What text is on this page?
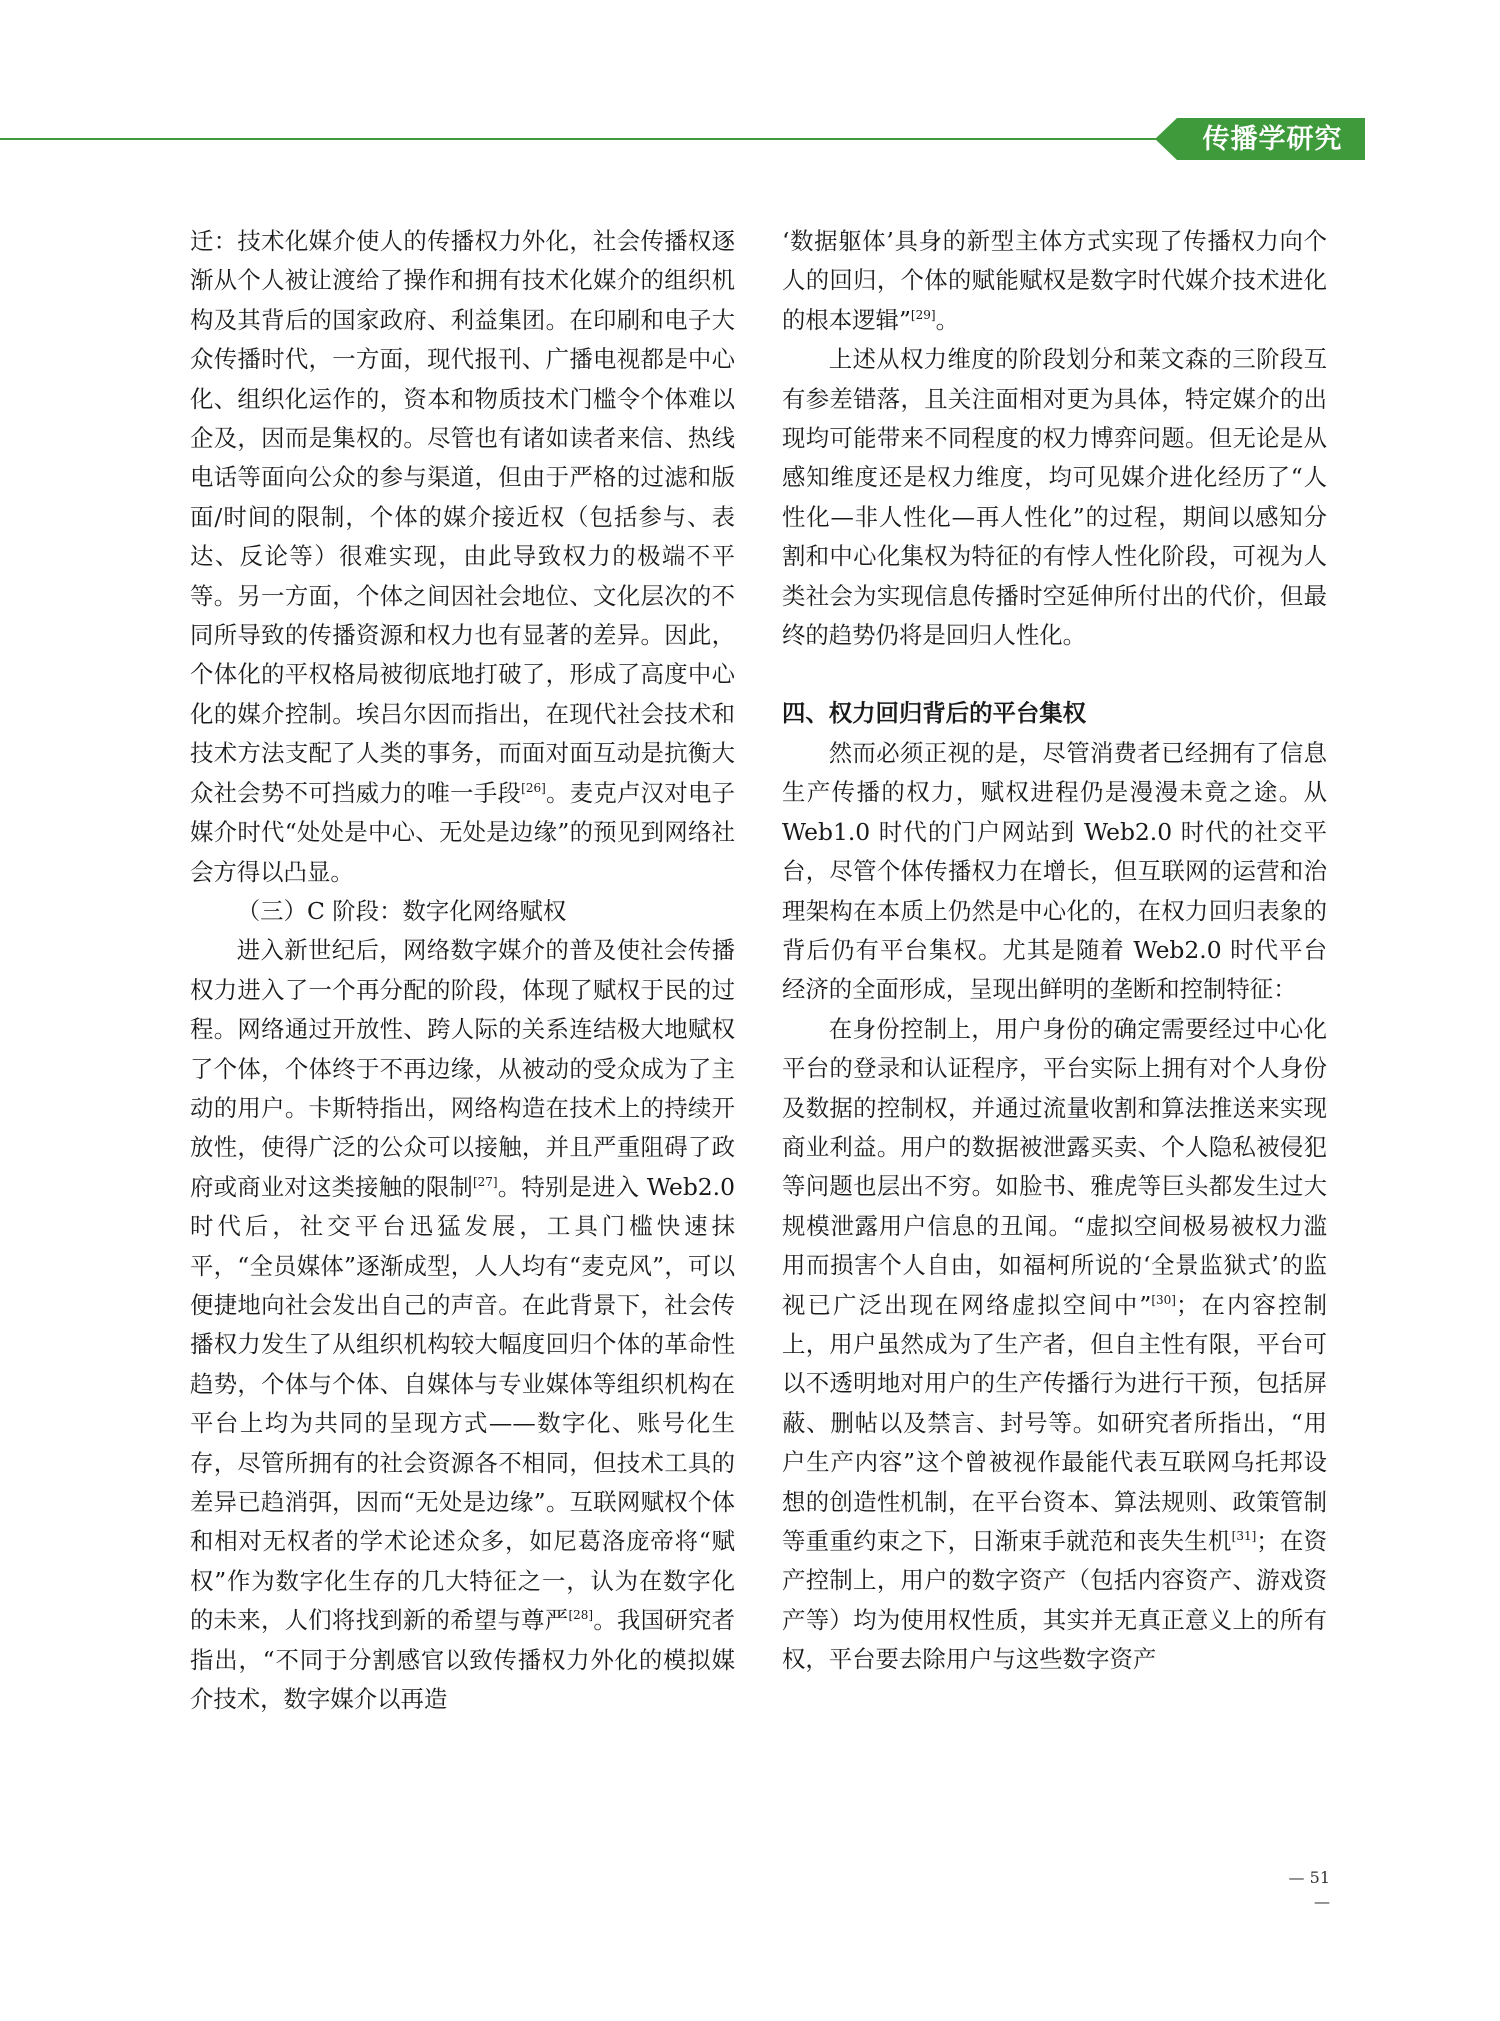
传播学研究

迁：技术化媒介使人的传播权力外化，社会传播权逐渐从个人被让渡给了操作和拥有技术化媒介的组织机构及其背后的国家政府、利益集团。在印刷和电子大众传播时代，一方面，现代报刊、广播电视都是中心化、组织化运作的，资本和物质技术门槛令个体难以企及，因而是集权的。尽管也有诸如读者来信、热线电话等面向公众的参与渠道，但由于严格的过滤和版面/时间的限制，个体的媒介接近权（包括参与、表达、反论等）很难实现，由此导致权力的极端不平等。另一方面，个体之间因社会地位、文化层次的不同所导致的传播资源和权力也有显著的差异。因此，个体化的平权格局被彻底地打破了，形成了高度中心化的媒介控制。埃吕尔因而指出，在现代社会技术和技术方法支配了人类的事务，而面对面互动是抗衡大众社会势不可挡威力的唯一手段[26]。麦克卢汉对电子媒介时代“处处是中心、无处是边缘”的预见到网络社会方得以凸显。

（三）C 阶段：数字化网络赋权

进入新世纪后，网络数字媒介的普及使社会传播权力进入了一个再分配的阶段，体现了赋权于民的过程。网络通过开放性、跨人际的关系连结极大地赋权了个体，个体终于不再边缘，从被动的受众成为了主动的用户。卡斯特指出，网络构造在技术上的持续开放性，使得广泛的公众可以接触，并且严重阻碍了政府或商业对这类接触的限制[27]。特别是进入 Web2.0 时代后，社交平台迅猛发展，工具门槛快速抹平，“全员媒体”逐渐成型，人人均有“麦克风”，可以便捷地向社会发出自己的声音。在此背景下，社会传播权力发生了从组织机构较大幅度回归个体的革命性趋势，个体与个体、自媒体与专业媒体等组织机构在平台上均为共同的呈现方式——数字化、账号化生存，尽管所拥有的社会资源各不相同，但技术工具的差异已趋消弭，因而“无处是边缘”。互联网赋权个体和相对无权者的学术论述众多，如尼葛洛庞帝将“赋权”作为数字化生存的几大特征之一，认为在数字化的未来，人们将找到新的希望与尊严[28]。我国研究者指出，“不同于分割感官以致传播权力外化的模拟媒介技术，数字媒介以再造

‘数据躯体’具身的新型主体方式实现了传播权力向个人的回归，个体的赋能赋权是数字时代媒介技术进化的根本逻辑”[29]。

上述从权力维度的阶段划分和莱文森的三阶段互有参差错落，且关注面相对更为具体，特定媒介的出现均可能带来不同程度的权力博弈问题。但无论是从感知维度还是权力维度，均可见媒介进化经历了“人性化—非人性化—再人性化”的过程，期间以感知分割和中心化集权为特征的有悖人性化阶段，可视为人类社会为实现信息传播时空延伸所付出的代价，但最终的趋势仍将是回归人性化。

四、权力回归背后的平台集权

然而必须正视的是，尽管消费者已经拥有了信息生产传播的权力，赋权进程仍是漫漫未竟之途。从 Web1.0 时代的门户网站到 Web2.0 时代的社交平台，尽管个体传播权力在增长，但互联网的运营和治理架构在本质上仍然是中心化的，在权力回归表象的背后仍有平台集权。尤其是随着 Web2.0 时代平台经济的全面形成，呈现出鲜明的垄断和控制特征：

在身份控制上，用户身份的确定需要经过中心化平台的登录和认证程序，平台实际上拥有对个人身份及数据的控制权，并通过流量收割和算法推送来实现商业利益。用户的数据被泄露买卖、个人隐私被侵犯等问题也层出不穷。如脸书、雅虎等巨头都发生过大规模泄露用户信息的丑闻。“虚拟空间极易被权力滥用而损害个人自由，如福柯所说的‘全景监狱式’的监视已广泛出现在网络虚拟空间中”[30]；在内容控制上，用户虽然成为了生产者，但自主性有限，平台可以不透明地对用户的生产传播行为进行干预，包括屏蔽、删帖以及禁言、封号等。如研究者所指出，“用户生产内容”这个曾被视作最能代表互联网乌托邦设想的创造性机制，在平台资本、算法规则、政策管制等重重约束之下，日渐束手就范和丧失生机[31]；在资产控制上，用户的数字资产（包括内容资产、游戏资产等）均为使用权性质，其实并无真正意义上的所有权，平台要去除用户与这些数字资产

— 51 —
